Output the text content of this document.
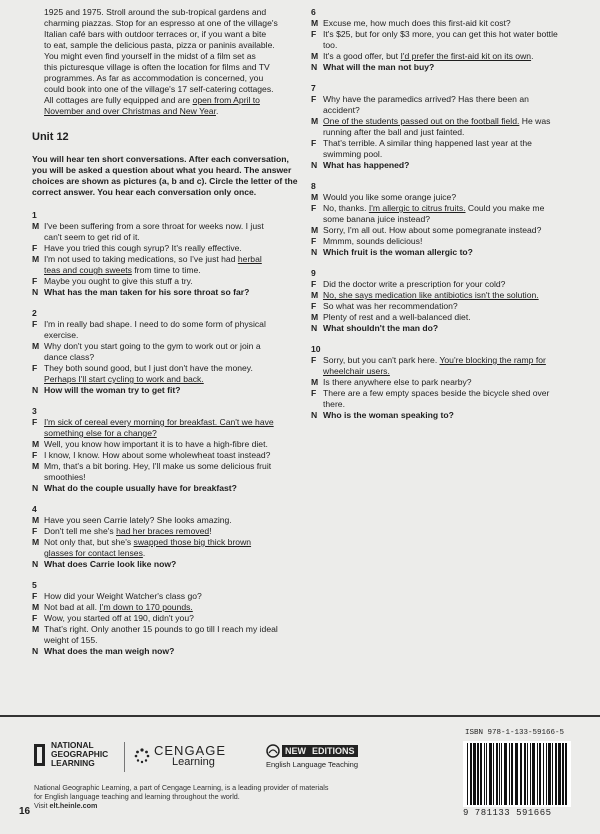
1925 and 1975. Stroll around the sub-tropical gardens and
charming piazzas. Stop for an espresso at one of the village's
Italian café bars with outdoor terraces or, if you want a bite
to eat, sample the delicious pasta, pizza or paninis available.
You might even find yourself in the midst of a film set as
this picturesque village is often the location for films and TV
programmes. As far as accommodation is concerned, you
could book into one of the village's 17 self-catering cottages.
All cottages are fully equipped and are open from April to
November and over Christmas and New Year.
Unit 12
You will hear ten short conversations. After each conversation, you will be asked a question about what you heard. The answer choices are shown as pictures (a, b and c). Circle the letter of the correct answer. You hear each conversation only once.
1
M I've been suffering from a sore throat for weeks now. I just
can't seem to get rid of it.
F Have you tried this cough syrup? It's really effective.
M I'm not used to taking medications, so I've just had herbal
teas and cough sweets from time to time.
F Maybe you ought to give this stuff a try.
N What has the man taken for his sore throat so far?
2
F I'm in really bad shape. I need to do some form of physical
exercise.
M Why don't you start going to the gym to work out or join a
dance class?
F They both sound good, but I just don't have the money.
Perhaps I'll start cycling to work and back.
N How will the woman try to get fit?
3
F I'm sick of cereal every morning for breakfast. Can't we have
something else for a change?
M Well, you know how important it is to have a high-fibre diet.
F I know, I know. How about some wholewheat toast instead?
M Mm, that's a bit boring. Hey, I'll make us some delicious fruit
smoothies!
N What do the couple usually have for breakfast?
4
M Have you seen Carrie lately? She looks amazing.
F Don't tell me she's had her braces removed!
M Not only that, but she's swapped those big thick brown
glasses for contact lenses.
N What does Carrie look like now?
5
F How did your Weight Watcher's class go?
M Not bad at all. I'm down to 170 pounds.
F Wow, you started off at 190, didn't you?
M That's right. Only another 15 pounds to go till I reach my ideal
weight of 155.
N What does the man weigh now?
6
M Excuse me, how much does this first-aid kit cost?
F It's $25, but for only $3 more, you can get this hot water bottle
too.
M It's a good offer, but I'd prefer the first-aid kit on its own.
N What will the man not buy?
7
F Why have the paramedics arrived? Has there been an
accident?
M One of the students passed out on the football field. He was
running after the ball and just fainted.
F That's terrible. A similar thing happened last year at the
swimming pool.
N What has happened?
8
M Would you like some orange juice?
F No, thanks. I'm allergic to citrus fruits. Could you make me
some banana juice instead?
M Sorry, I'm all out. How about some pomegranate instead?
F Mmmm, sounds delicious!
N Which fruit is the woman allergic to?
9
F Did the doctor write a prescription for your cold?
M No, she says medication like antibiotics isn't the solution.
F So what was her recommendation?
M Plenty of rest and a well-balanced diet.
N What shouldn't the man do?
10
F Sorry, but you can't park here. You're blocking the ramp for
wheelchair users.
M Is there anywhere else to park nearby?
F There are a few empty spaces beside the bicycle shed over
there.
N Who is the woman speaking to?
NATIONAL GEOGRAPHIC LEARNING
CENGAGE
Learning
NEW EDITIONS
English Language Teaching
National Geographic Learning, a part of Cengage Learning, is a leading provider of materials
for English language teaching and learning throughout the world.
Visit elt.heinle.com
16
ISBN 978-1-133-59166-5
9 781133 591665
